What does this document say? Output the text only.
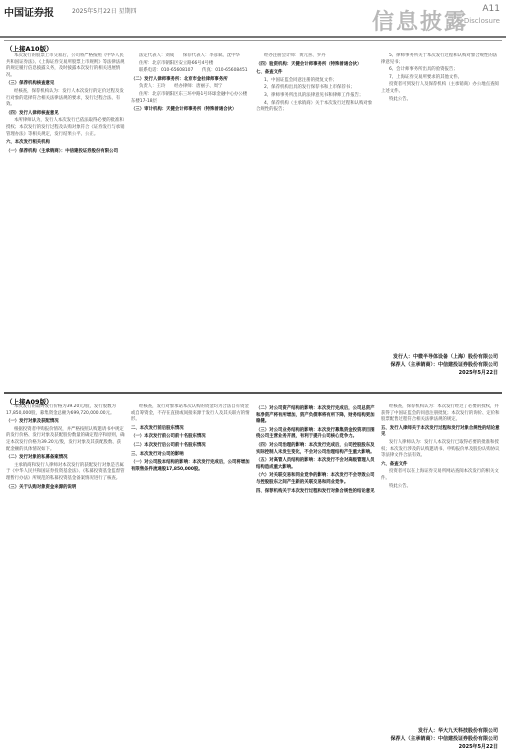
中国证券报	2025年5月22日 星期四	信息披露
A11
Disclosure
（上接A10版）

本次发行的股票上市交易后，公司将严格按照《中华人民共和国证券法》、《上海证券交易所股票上市规则》等法律法规的规定履行信息披露义务，及时披露本次发行的相关进展情况。

（三）保荐机构核查意见

经核查，保荐机构认为：发行人本次发行的定价过程及发行对象的选择符合相关法律法规的要求，发行过程合法、有效。

（四）发行人律师核查意见

本所律师认为，发行人本次发行已依法取得必要的批准和授权；本次发行的发行过程及认购对象符合《证券发行与承销管理办法》等相关规定，发行结果公平、公正。

六、本次发行相关机构

（一）保荐机构（主承销商）：中信建投证券股份有限公司

法定代表人：刘成　　保荐代表人：李彦斌、沈中华

住所：北京市朝阳区安立路66号4号楼

联系电话：010-65608107　　传真：010-65608451

（二）发行人律师事务所：北京市金杜律师事务所

负责人：王玲　　经办律师：唐丽子、周宁

住所：北京市朝阳区东三环中路1号环球金融中心办公楼东楼17-18层

（三）审计机构：天健会计师事务所（特殊普通合伙）

经办注册会计师：黄元喜、罗丹

（四）验资机构：天健会计师事务所（特殊普通合伙）

七、备查文件

1、中国证监会同意注册的批复文件；

2、保荐机构出具的发行保荐书和上市保荐书；

3、律师事务所出具的法律意见书和律师工作报告；

4、保荐机构（主承销商）关于本次发行过程和认购对象合规性的报告；

5、律师事务所关于本次发行过程和认购对象合规性的法律意见书；

6、会计师事务所出具的验资报告；

7、上海证券交易所要求的其他文件。

投资者可到发行人及保荐机构（主承销商）办公地点查阅上述文件。

特此公告。

发行人：中微半导体设备（上海）股份有限公司
保荐人（主承销商）：中信建投证券股份有限公司
2025年5月22日
（上接A09版）

本次发行的最终发行价格为39.20元/股，发行股数为17,850,000股，募集资金总额为699,720,000.00元。

（一）发行对象及获配情况

根据投资者申购报价情况，并严格按照认购邀请书中规定的发行价格、发行对象及获配股份数量的确定程序和原则，确定本次发行价格为39.20元/股，发行对象及其获配股数、获配金额的具体情况如下。

（二）发行对象的私募备案情况

主承销商和发行人律师对本次发行的获配发行对象是否属于《中华人民共和国证券投资基金法》、《私募投资基金监督管理暂行办法》所规范的私募投资基金备案情况进行了核查。

（三）关于认购对象资金来源的说明

经核查，发行对象承诺本次认购的资金均为合法自有资金或自筹资金，不存在直接或间接来源于发行人及其关联方的情形。

二、本次发行前后股东情况

（一）本次发行前公司前十名股东情况

（二）本次发行后公司前十名股东情况

三、本次发行对公司的影响

（一）对公司股本结构的影响：本次发行完成后，公司将增加有限售条件流通股17,850,000股。

（二）对公司资产结构的影响：本次发行完成后，公司总资产和净资产将有所增加，资产负债率将有所下降，财务结构更加稳健。

（三）对公司业务结构的影响：本次发行募集资金投资项目围绕公司主营业务开展，有利于提升公司核心竞争力。

（四）对公司治理的影响：本次发行完成后，公司控股股东及实际控制人未发生变化，不会对公司治理结构产生重大影响。

（五）对高管人员结构的影响：本次发行不会对高级管理人员结构造成重大影响。

（六）对关联交易和同业竞争的影响：本次发行不会导致公司与控股股东之间产生新的关联交易和同业竞争。

四、保荐机构关于本次发行过程和发行对象合规性的结论意见

经核查，保荐机构认为：本次发行经过了必要的授权，并获得了中国证监会的同意注册批复；本次发行的询价、定价和股票配售过程符合相关法律法规的规定。

五、发行人律师关于本次发行过程和发行对象合规性的结论意见

发行人律师认为：发行人本次发行已取得必要的批准和授权；本次发行涉及的认购邀请书、申购报价单及股份认购协议等法律文件合法有效。

六、备查文件

投资者可以在上海证券交易所网站查阅本次发行的相关文件。

特此公告。

发行人：华大九天科技股份有限公司
保荐人（主承销商）：中信建投证券股份有限公司
2025年5月22日
